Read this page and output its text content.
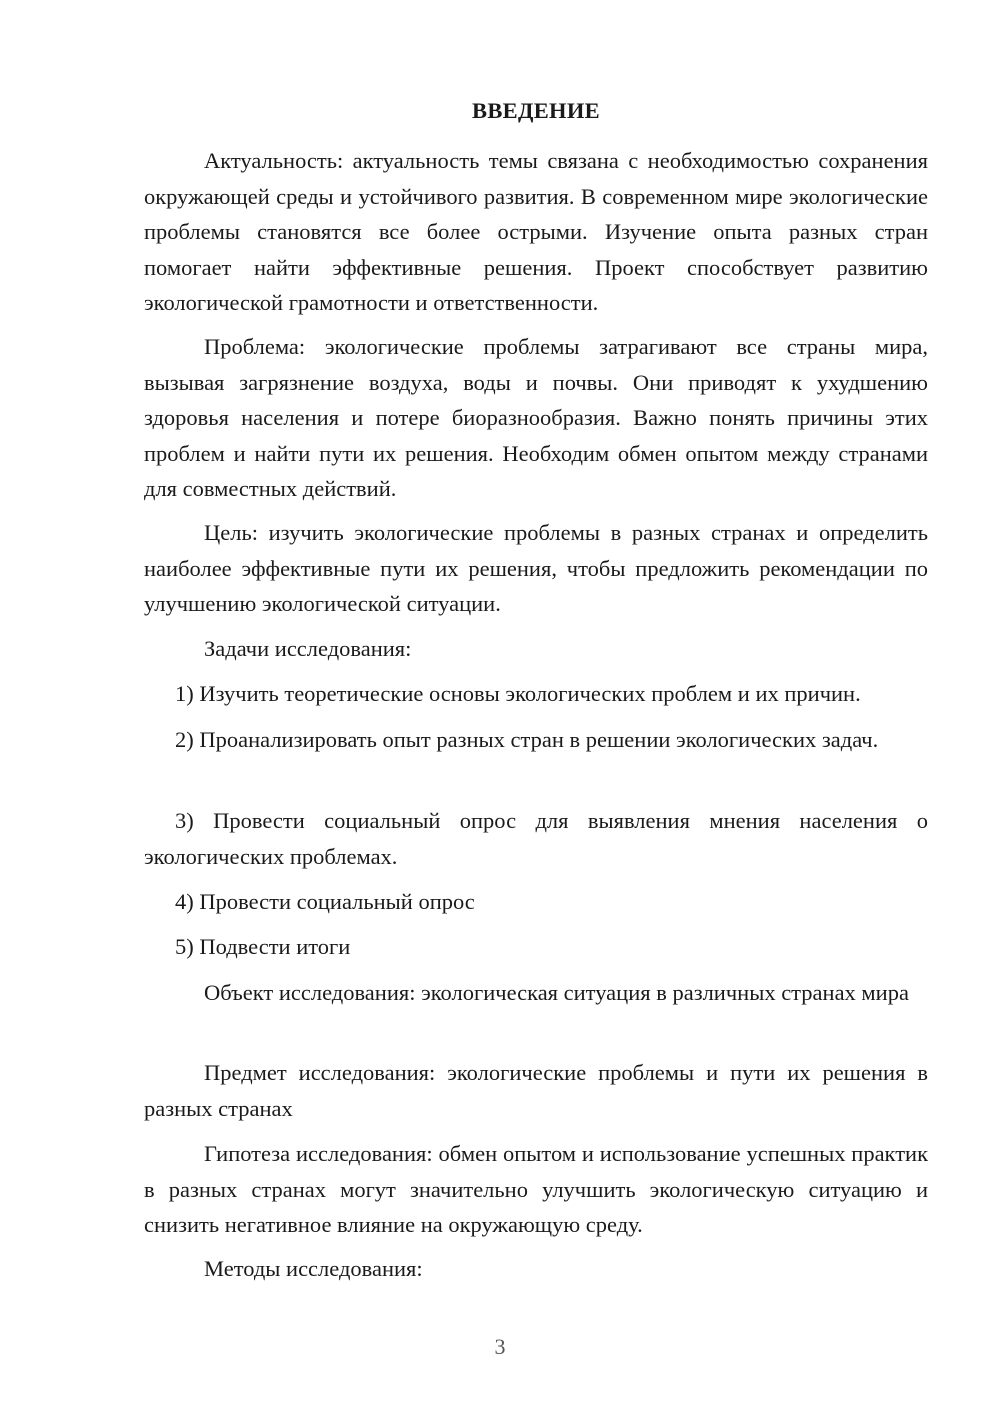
ВВЕДЕНИЕ

Актуальность: актуальность темы связана с необходимостью сохранения окружающей среды и устойчивого развития. В современном мире экологические проблемы становятся все более острыми. Изучение опыта разных стран помогает найти эффективные решения. Проект способствует развитию экологической грамотности и ответственности.

Проблема: экологические проблемы затрагивают все страны мира, вызывая загрязнение воздуха, воды и почвы. Они приводят к ухудшению здоровья населения и потере биоразнообразия. Важно понять причины этих проблем и найти пути их решения. Необходим обмен опытом между странами для совместных действий.

Цель: изучить экологические проблемы в разных странах и определить наиболее эффективные пути их решения, чтобы предложить рекомендации по улучшению экологической ситуации.

Задачи исследования:

1) Изучить теоретические основы экологических проблем и их причин.

2) Проанализировать опыт разных стран в решении экологических задач.

3) Провести социальный опрос для выявления мнения населения о экологических проблемах.

4) Провести социальный опрос

5) Подвести итоги

Объект исследования: экологическая ситуация в различных странах мира

Предмет исследования: экологические проблемы и пути их решения в разных странах

Гипотеза исследования: обмен опытом и использование успешных практик в разных странах могут значительно улучшить экологическую ситуацию и снизить негативное влияние на окружающую среду.

Методы исследования:

3
